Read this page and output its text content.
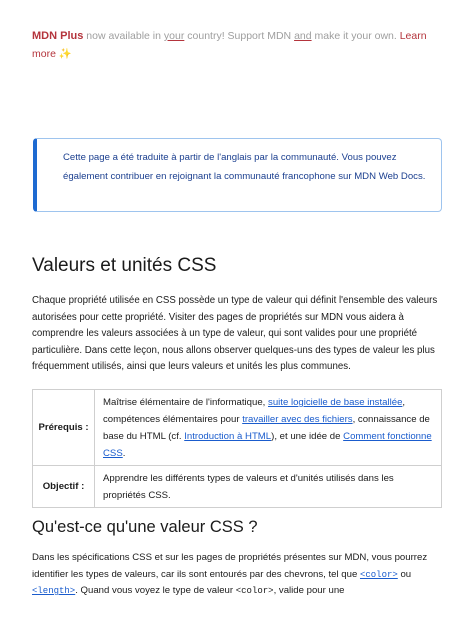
MDN Plus now available in your country! Support MDN and make it your own. Learn more ✨
Cette page a été traduite à partir de l'anglais par la communauté. Vous pouvez également contribuer en rejoignant la communauté francophone sur MDN Web Docs.
Valeurs et unités CSS

Chaque propriété utilisée en CSS possède un type de valeur qui définit l'ensemble des valeurs autorisées pour cette propriété. Visiter des pages de propriétés sur MDN vous aidera à comprendre les valeurs associées à un type de valeur, qui sont valides pour une propriété particulière. Dans cette leçon, nous allons observer quelques-uns des types de valeur les plus fréquemment utilisés, ainsi que leurs valeurs et unités les plus communes.

Prérequis :	Maîtrise élémentaire de l'informatique, suite logicielle de base installée, compétences élémentaires pour travailler avec des fichiers, connaissance de base du HTML (cf. Introduction à HTML), et une idée de Comment fonctionne CSS.
Objectif :	Apprendre les différents types de valeurs et d'unités utilisés dans les propriétés CSS.
Qu'est-ce qu'une valeur CSS ?

Dans les spécifications CSS et sur les pages de propriétés présentes sur MDN, vous pourrez identifier les types de valeurs, car ils sont entourés par des chevrons, tel que <color> ou <length>. Quand vous voyez le type de valeur <color>, valide pour une
